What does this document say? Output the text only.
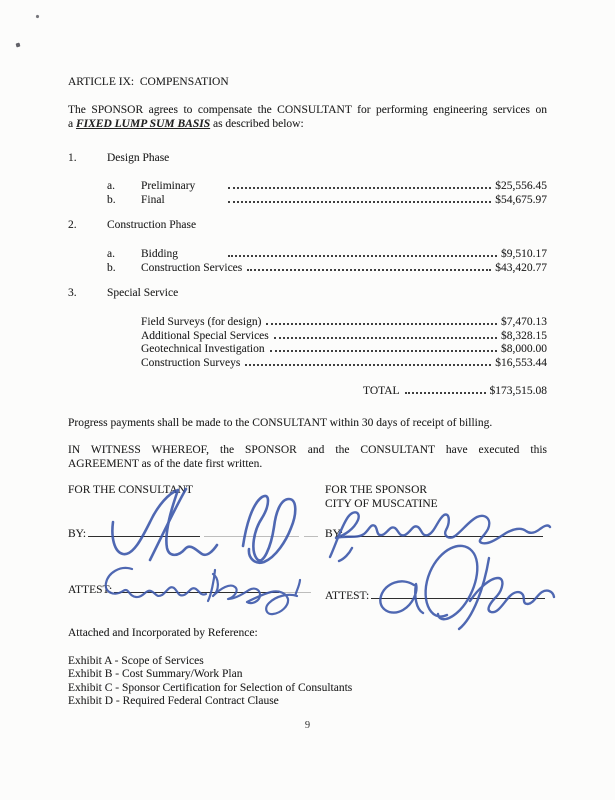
ARTICLE IX:  COMPENSATION
The SPONSOR agrees to compensate the CONSULTANT for performing engineering services on
a FIXED LUMP SUM BASIS as described below:
1.	Design Phase
a.	Preliminary	$25,556.45
b.	Final	$54,675.97
2.	Construction Phase
a.	Bidding	$9,510.17
b.	Construction Services	$43,420.77
3.	Special Service
Field Surveys (for design)	$7,470.13
Additional Special Services	$8,328.15
Geotechnical Investigation	$8,000.00
Construction Surveys	$16,553.44
TOTAL	$173,515.08
Progress payments shall be made to the CONSULTANT within 30 days of receipt of billing.
IN WITNESS WHEREOF, the SPONSOR and the CONSULTANT have executed this
AGREEMENT as of the date first written.
FOR THE CONSULTANT	FOR THE SPONSOR
CITY OF MUSCATINE
BY:	BY:
ATTEST:	ATTEST:
Attached and Incorporated by Reference:
Exhibit A - Scope of Services
Exhibit B - Cost Summary/Work Plan
Exhibit C - Sponsor Certification for Selection of Consultants
Exhibit D - Required Federal Contract Clause
9
